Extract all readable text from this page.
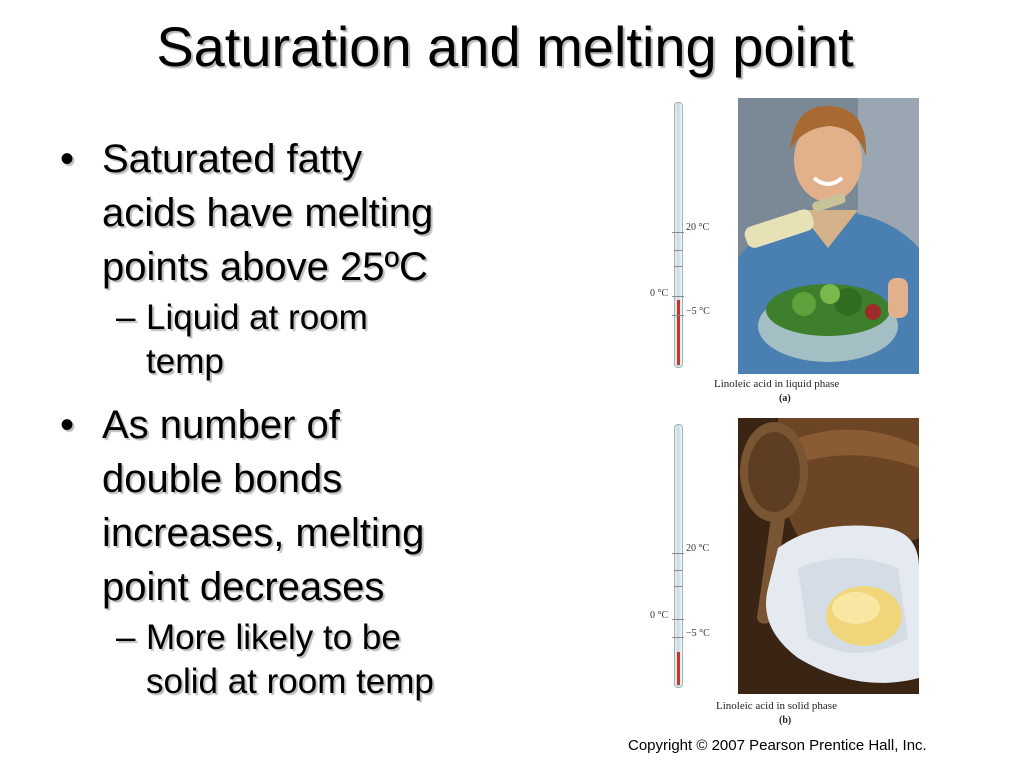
Saturation and melting point
• Saturated fatty
acids have melting
points above 25ºC
– Liquid at room
temp
• As number of
double bonds
increases, melting
point decreases
– More likely to be
solid at room temp
20 °C
0 °C
−5 °C
Linoleic acid in liquid phase
(a)
20 °C
0 °C
−5 °C
Linoleic acid in solid phase
(b)
Copyright © 2007 Pearson Prentice Hall, Inc.
